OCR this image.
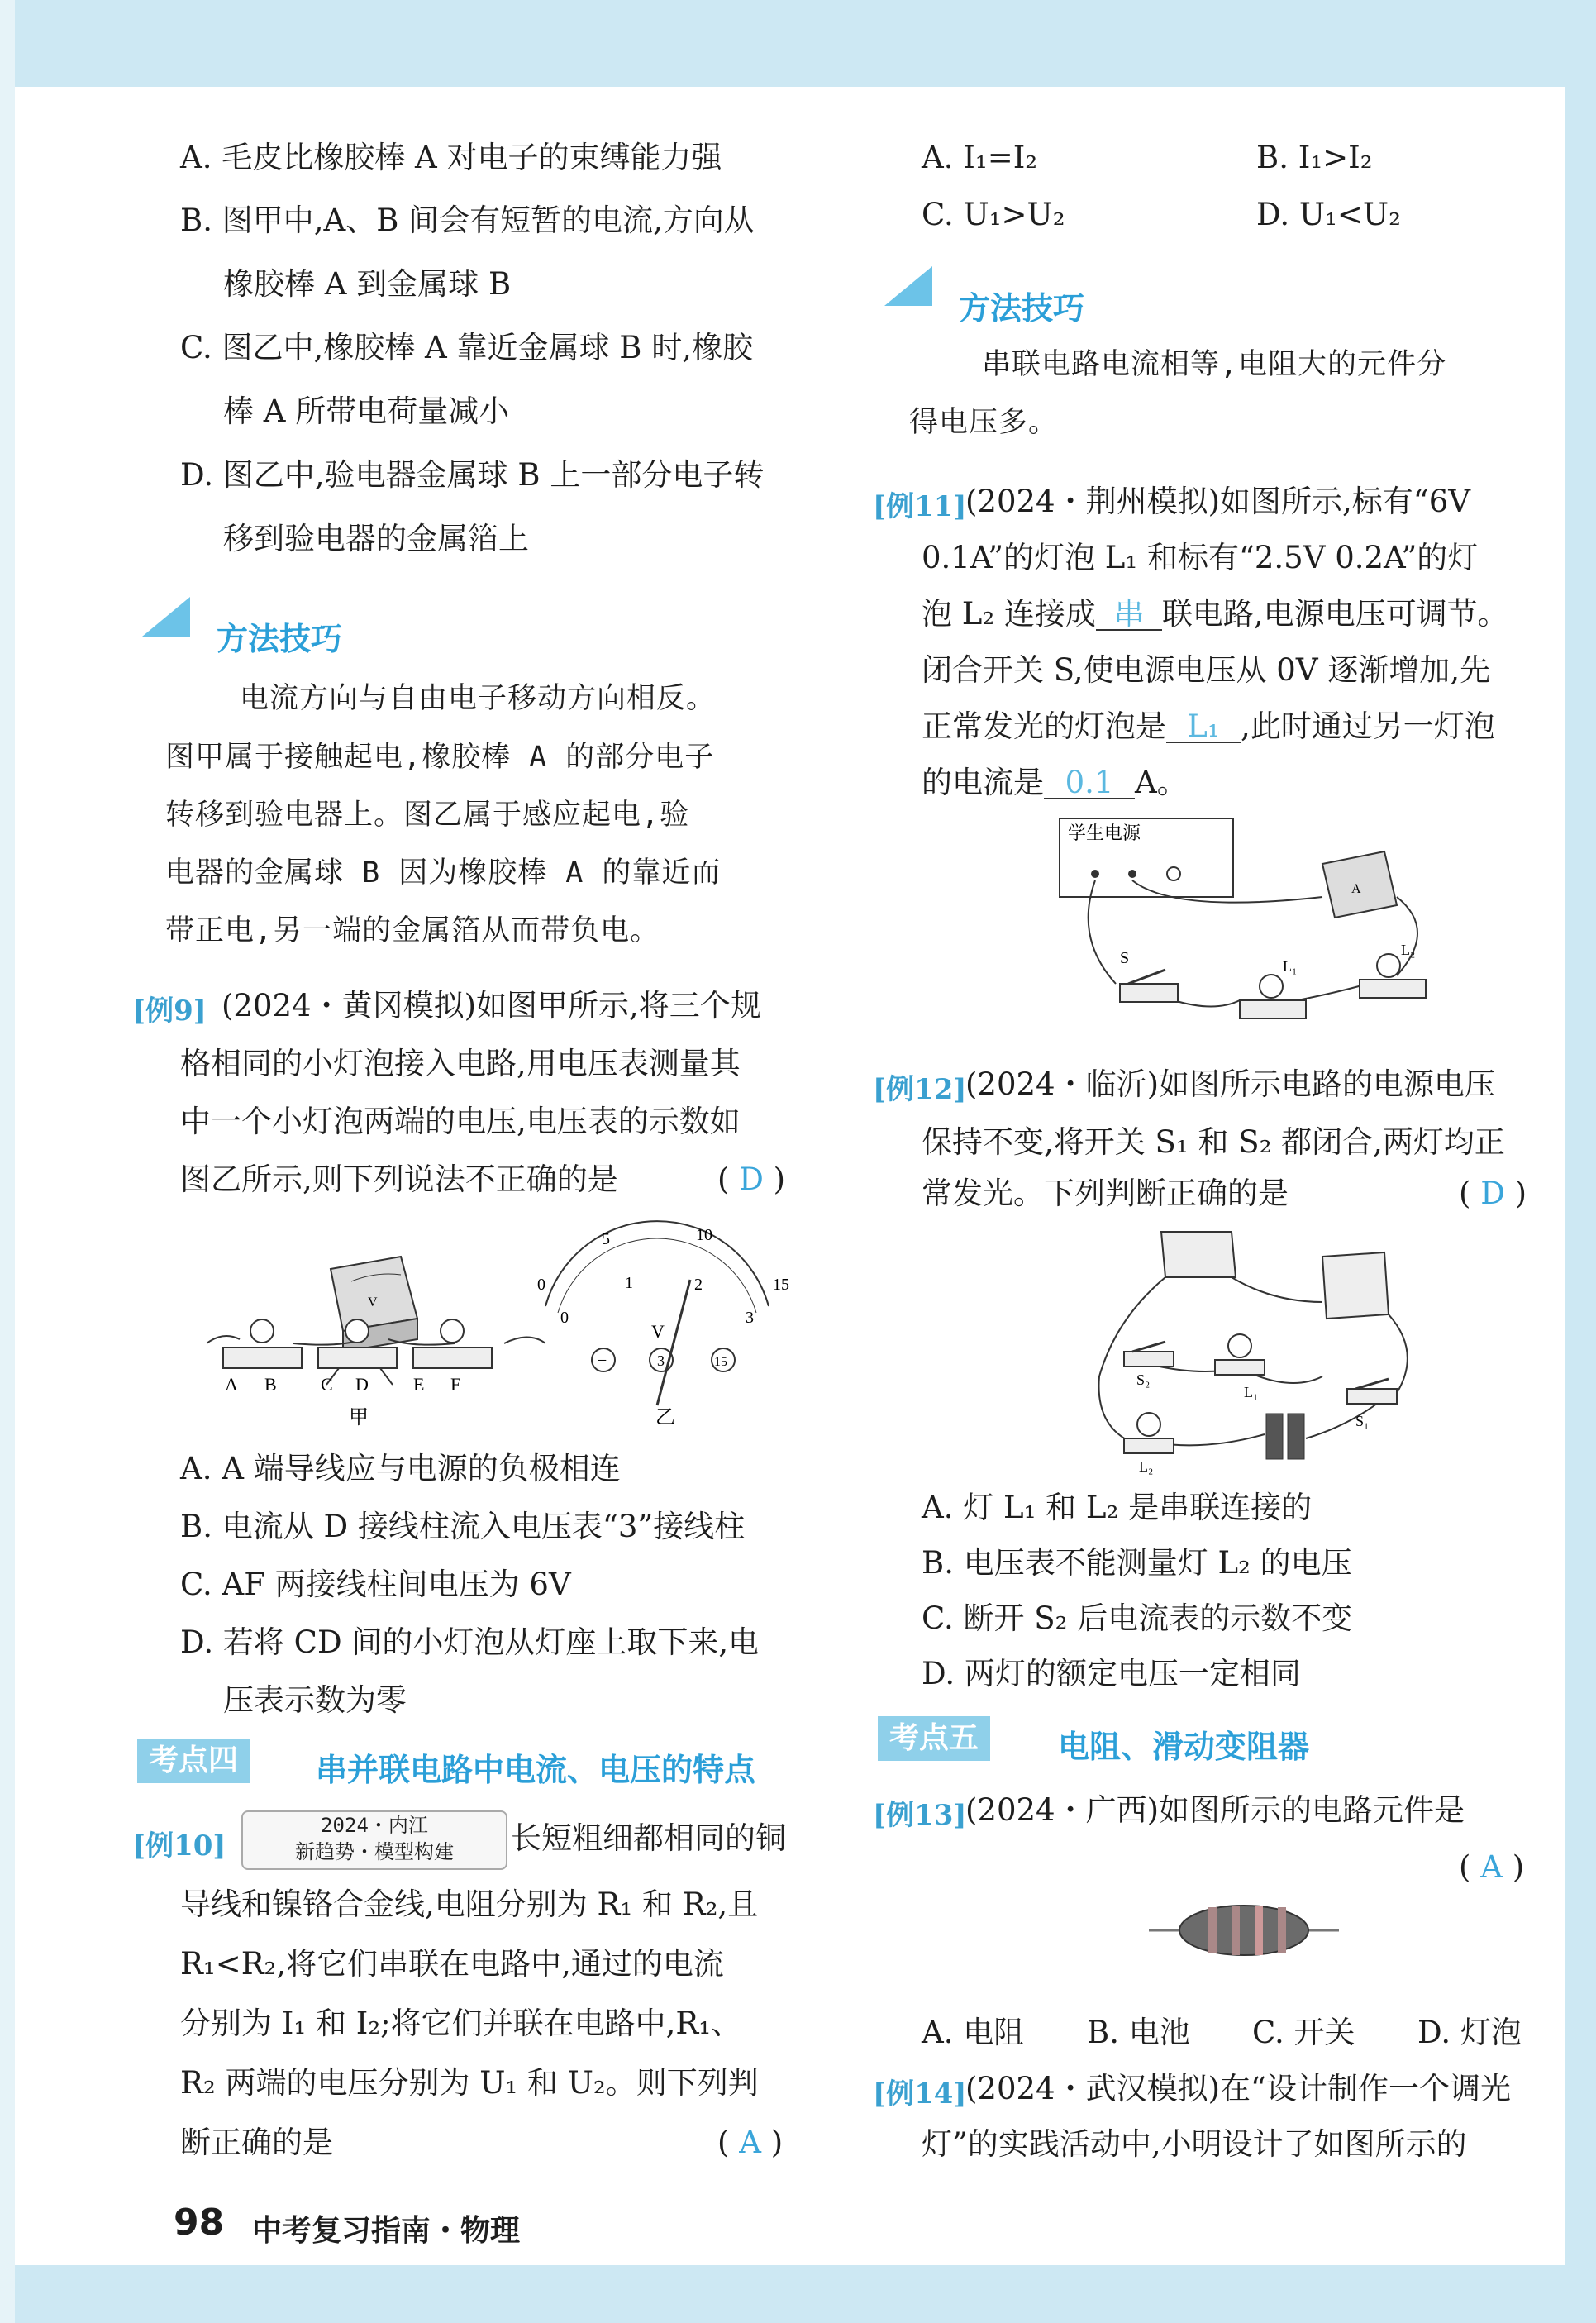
A. 毛皮比橡胶棒 A 对电子的束缚能力强
B. 图甲中,A、B 间会有短暂的电流,方向从
橡胶棒 A 到金属球 B
C. 图乙中,橡胶棒 A 靠近金属球 B 时,橡胶
棒 A 所带电荷量减小
D. 图乙中,验电器金属球 B 上一部分电子转
移到验电器的金属箔上
方法技巧
电流方向与自由电子移动方向相反。
图甲属于接触起电,橡胶棒 A 的部分电子
转移到验电器上。图乙属于感应起电,验
电器的金属球 B 因为橡胶棒 A 的靠近而
带正电,另一端的金属箔从而带负电。
[ 例9 ] (2024・黄冈模拟)如图甲所示,将三个规
格相同的小灯泡接入电路,用电压表测量其
中一个小灯泡两端的电压,电压表的示数如
图乙所示,则下列说法不正确的是	( D )
V
A B C D E F
甲
5	10
0	15
0
1	2
3
V
−	3	15
乙
A. A 端导线应与电源的负极相连
B. 电流从 D 接线柱流入电压表“3”接线柱
C. AF 两接线柱间电压为 6V
D. 若将 CD 间的小灯泡从灯座上取下来,电
压表示数为零
考点四	串并联电路中电流、电压的特点
[ 例10 ]
2024・内江
新趋势・模型构建	长短粗细都相同的铜
导线和镍铬合金线,电阻分别为 R₁ 和 R₂,且
R₁<R₂,将它们串联在电路中,通过的电流
分别为 I₁ 和 I₂;将它们并联在电路中,R₁、
R₂ 两端的电压分别为 U₁ 和 U₂。则下列判
断正确的是	( A )
A. I₁=I₂	B. I₁>I₂
C. U₁>U₂	D. U₁<U₂
方法技巧
串联电路电流相等,电阻大的元件分
得电压多。
[ 例11 ] (2024・荆州模拟)如图所示,标有“6V
0.1A”的灯泡 L₁ 和标有“2.5V 0.2A”的灯
泡 L₂ 连接成 串 联电路,电源电压可调节。
闭合开关 S,使电源电压从 0V 逐渐增加,先
正常发光的灯泡是 L₁ ,此时通过另一灯泡
的电流是 0.1 A。
学生电源
A
S	L₁
L₂
[ 例12 ] (2024・临沂)如图所示电路的电源电压
保持不变,将开关 S₁ 和 S₂ 都闭合,两灯均正
常发光。下列判断正确的是	( D )
S₂
L₁
L₂
S₁
A. 灯 L₁ 和 L₂ 是串联连接的
B. 电压表不能测量灯 L₂ 的电压
C. 断开 S₂ 后电流表的示数不变
D. 两灯的额定电压一定相同
考点五	电阻、滑动变阻器
[ 例13 ] (2024・广西)如图所示的电路元件是
( A )
A. 电阻 B. 电池 C. 开关 D. 灯泡
[ 例14 ] (2024・武汉模拟)在“设计制作一个调光
灯”的实践活动中,小明设计了如图所示的
98 中考复习指南・物理
